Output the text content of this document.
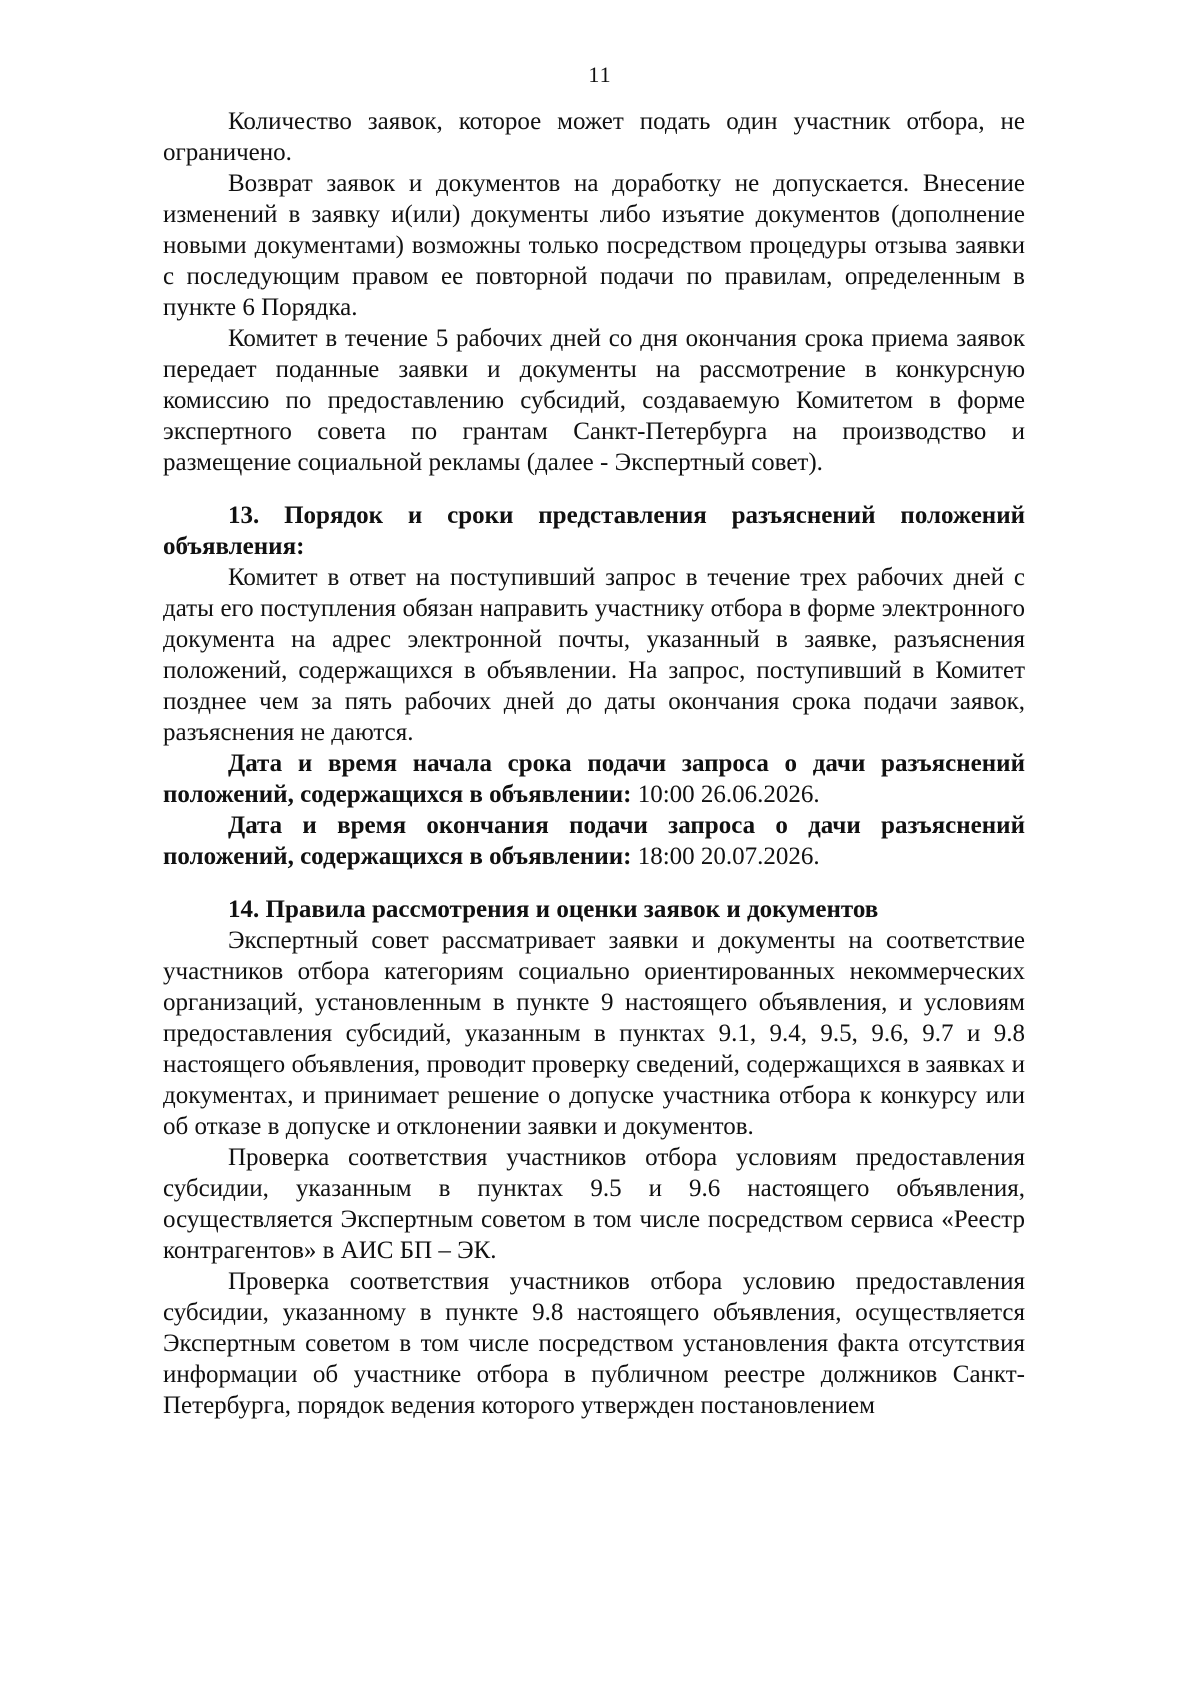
11

Количество заявок, которое может подать один участник отбора, не ограничено.

Возврат заявок и документов на доработку не допускается. Внесение изменений в заявку и(или) документы либо изъятие документов (дополнение новыми документами) возможны только посредством процедуры отзыва заявки с последующим правом ее повторной подачи по правилам, определенным в пункте 6 Порядка.

Комитет в течение 5 рабочих дней со дня окончания срока приема заявок передает поданные заявки и документы на рассмотрение в конкурсную комиссию по предоставлению субсидий, создаваемую Комитетом в форме экспертного совета по грантам Санкт-Петербурга на производство и размещение социальной рекламы (далее - Экспертный совет).

13. Порядок и сроки представления разъяснений положений объявления:

Комитет в ответ на поступивший запрос в течение трех рабочих дней с даты его поступления обязан направить участнику отбора в форме электронного документа на адрес электронной почты, указанный в заявке, разъяснения положений, содержащихся в объявлении. На запрос, поступивший в Комитет позднее чем за пять рабочих дней до даты окончания срока подачи заявок, разъяснения не даются.

Дата и время начала срока подачи запроса о дачи разъяснений положений, содержащихся в объявлении: 10:00 26.06.2026.

Дата и время окончания подачи запроса о дачи разъяснений положений, содержащихся в объявлении: 18:00 20.07.2026.

14. Правила рассмотрения и оценки заявок и документов

Экспертный совет рассматривает заявки и документы на соответствие участников отбора категориям социально ориентированных некоммерческих организаций, установленным в пункте 9 настоящего объявления, и условиям предоставления субсидий, указанным в пунктах 9.1, 9.4, 9.5, 9.6, 9.7 и 9.8 настоящего объявления, проводит проверку сведений, содержащихся в заявках и документах, и принимает решение о допуске участника отбора к конкурсу или об отказе в допуске и отклонении заявки и документов.

Проверка соответствия участников отбора условиям предоставления субсидии, указанным в пунктах 9.5 и 9.6 настоящего объявления, осуществляется Экспертным советом в том числе посредством сервиса «Реестр контрагентов» в АИС БП – ЭК.

Проверка соответствия участников отбора условию предоставления субсидии, указанному в пункте 9.8 настоящего объявления, осуществляется Экспертным советом в том числе посредством установления факта отсутствия информации об участнике отбора в публичном реестре должников Санкт-Петербурга, порядок ведения которого утвержден постановлением
